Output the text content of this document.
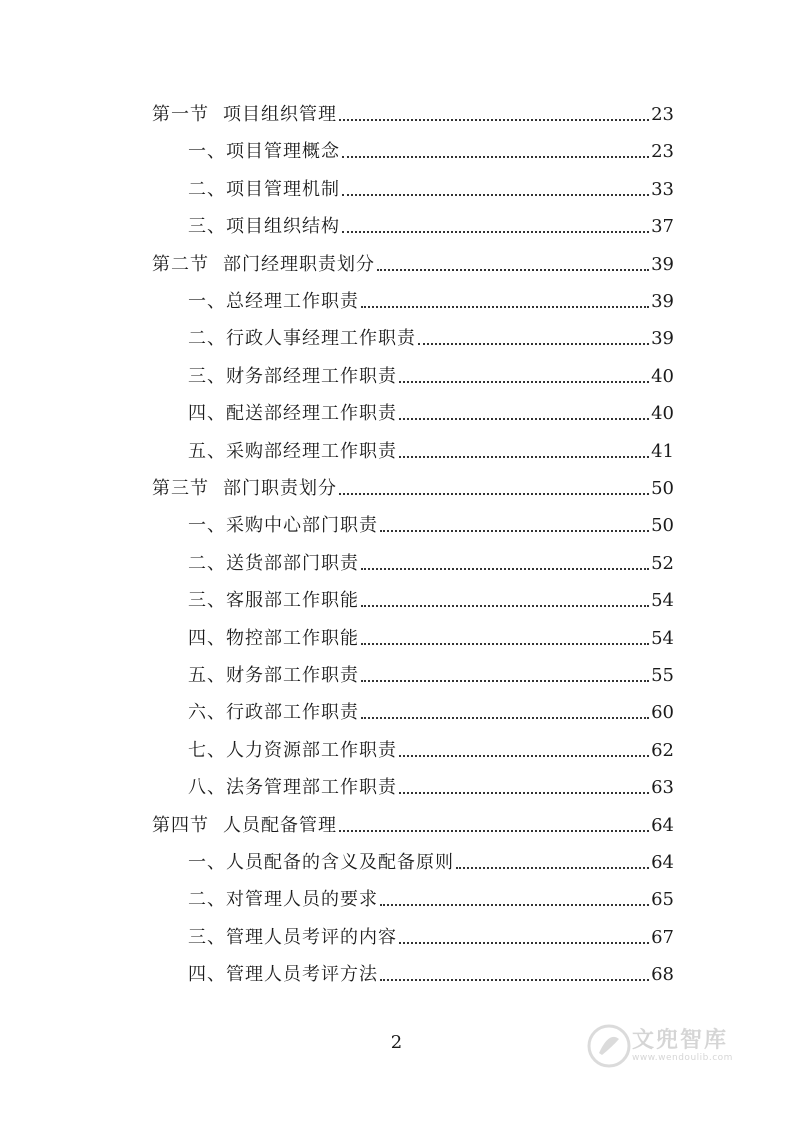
第一节 项目组织管理	23
一、项目管理概念	23
二、项目管理机制	33
三、项目组织结构	37
第二节 部门经理职责划分	39
一、总经理工作职责	39
二、行政人事经理工作职责	39
三、财务部经理工作职责	40
四、配送部经理工作职责	40
五、采购部经理工作职责	41
第三节 部门职责划分	50
一、采购中心部门职责	50
二、送货部部门职责	52
三、客服部工作职能	54
四、物控部工作职能	54
五、财务部工作职责	55
六、行政部工作职责	60
七、人力资源部工作职责	62
八、法务管理部工作职责	63
第四节 人员配备管理	64
一、人员配备的含义及配备原则	64
二、对管理人员的要求	65
三、管理人员考评的内容	67
四、管理人员考评方法	68
2	文兜智库
www.wendoulib.com
